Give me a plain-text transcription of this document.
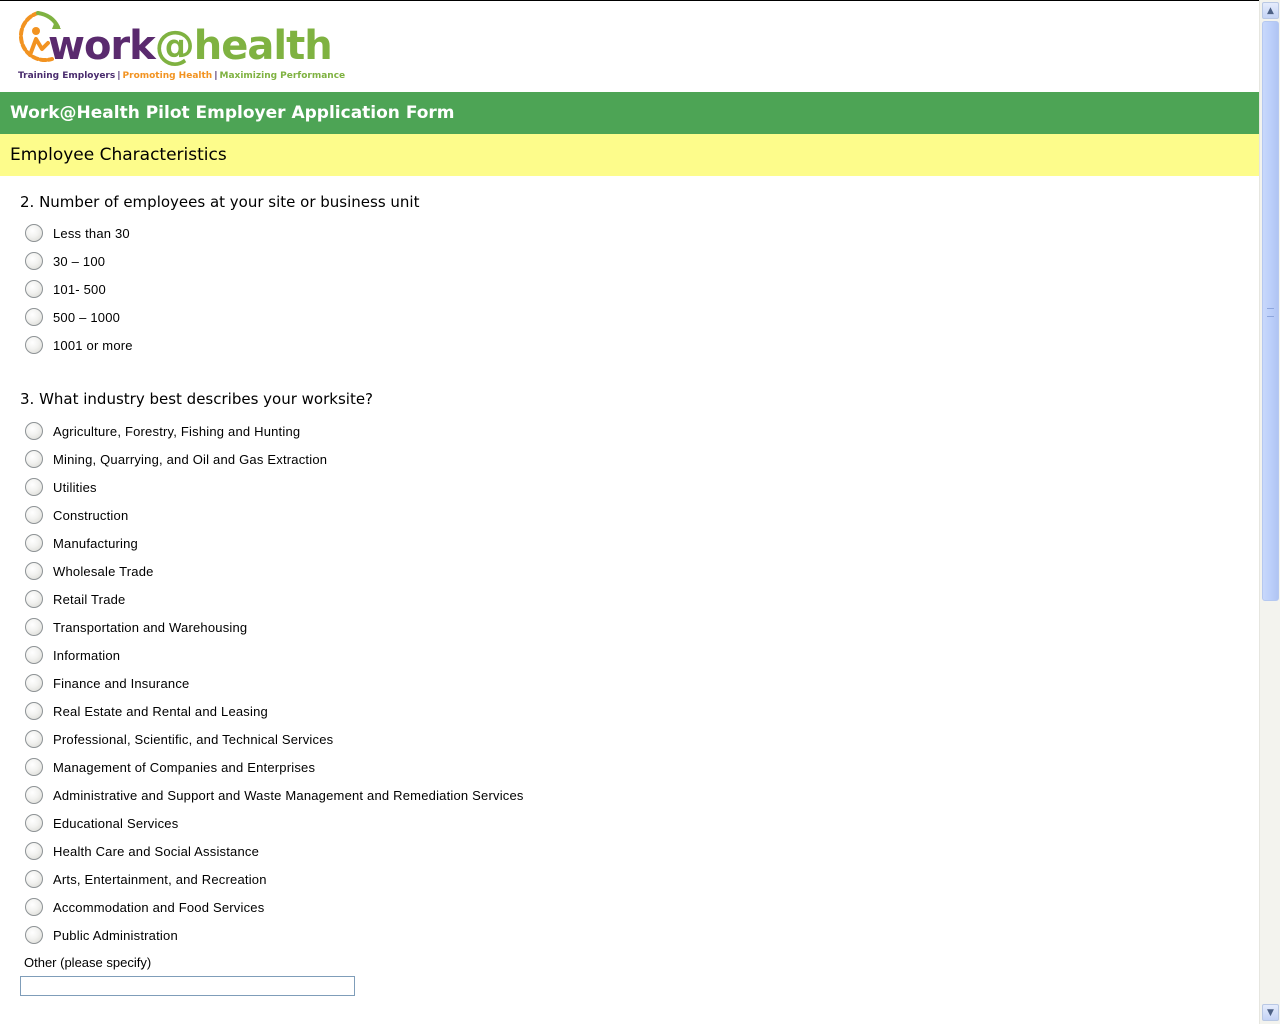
work@health
Training Employers | Promoting Health | Maximizing Performance
Work@Health Pilot Employer Application Form
Employee Characteristics
2. Number of employees at your site or business unit
Less than 30
30 – 100
101- 500
500 – 1000
1001 or more
3. What industry best describes your worksite?
Agriculture, Forestry, Fishing and Hunting
Mining, Quarrying, and Oil and Gas Extraction
Utilities
Construction
Manufacturing
Wholesale Trade
Retail Trade
Transportation and Warehousing
Information
Finance and Insurance
Real Estate and Rental and Leasing
Professional, Scientific, and Technical Services
Management of Companies and Enterprises
Administrative and Support and Waste Management and Remediation Services
Educational Services
Health Care and Social Assistance
Arts, Entertainment, and Recreation
Accommodation and Food Services
Public Administration
Other (please specify)
▲
▼
